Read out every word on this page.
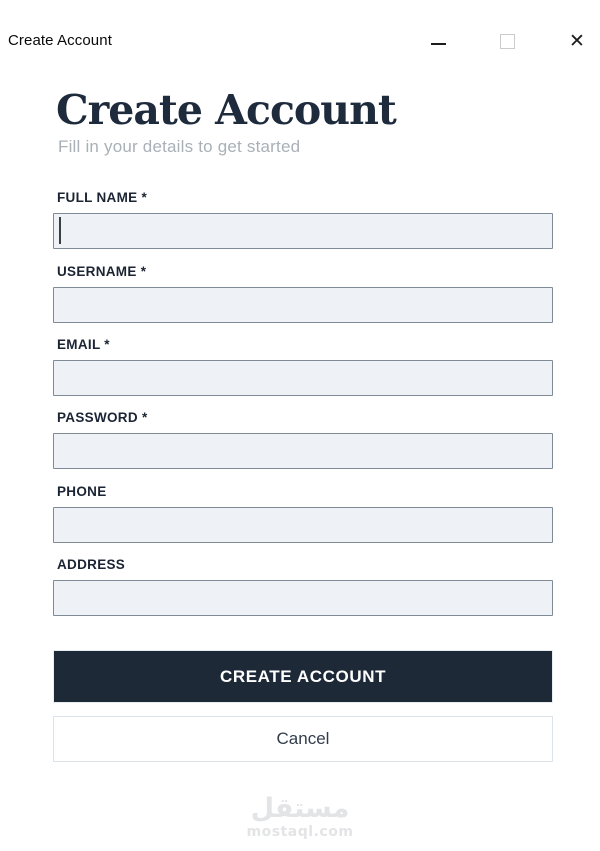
Create Account	✕
Create Account

Fill in your details to get started

FULL NAME *
USERNAME *
EMAIL *
PASSWORD *
PHONE
ADDRESS
CREATE ACCOUNT
Cancel
مستقل
mostaql.com
